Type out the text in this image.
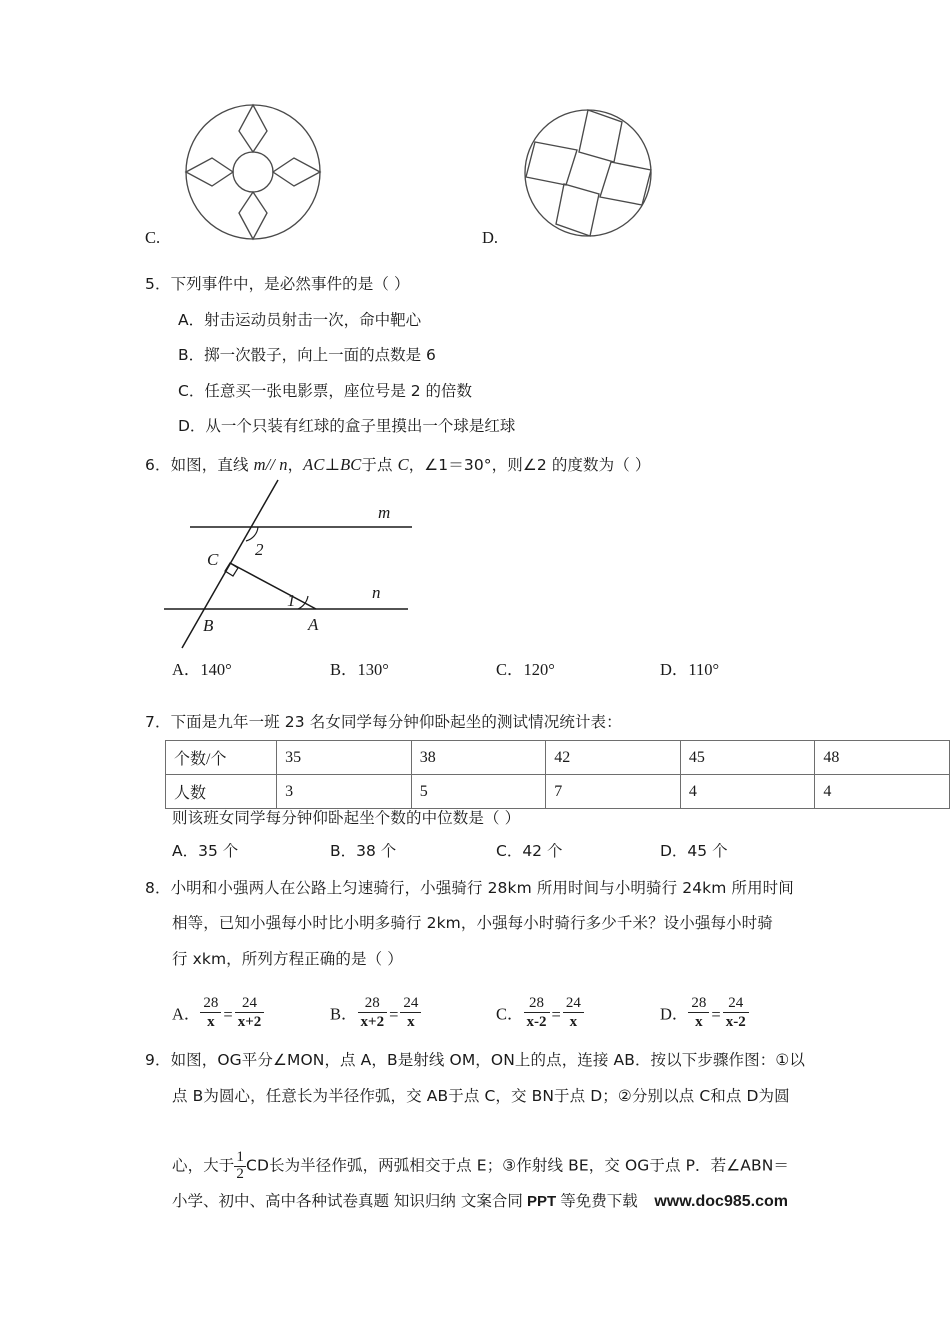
C.	D.
5．下列事件中，是必然事件的是（ ）
A．射击运动员射击一次，命中靶心
B．掷一次骰子，向上一面的点数是 6
C．任意买一张电影票，座位号是 2 的倍数
D．从一个只装有红球的盒子里摸出一个球是红球
6．如图，直线 m// n，AC⊥BC于点 C，∠1＝30°，则∠2 的度数为（ ）
m
n
2
1
C
B	A
A．140°	B．130°	C．120°	D．110°
7．下面是九年一班 23 名女同学每分钟仰卧起坐的测试情况统计表：
个数/个	35	38	42	45	48
人数	3	5	7	4	4
则该班女同学每分钟仰卧起坐个数的中位数是（ ）
A．35 个	B．38 个	C．42 个	D．45 个
8．小明和小强两人在公路上匀速骑行，小强骑行 28km 所用时间与小明骑行 24km 所用时间
相等，已知小强每小时比小明多骑行 2km，小强每小时骑行多少千米？设小强每小时骑
行 xkm，所列方程正确的是（ ）
A． $\frac{28}{x} = \frac{24}{x+2}$	B． $\frac{28}{x+2} = \frac{24}{x}$	C． $\frac{28}{x-2} = \frac{24}{x}$	D． $\frac{28}{x} = \frac{24}{x-2}$
9．如图，OG平分∠MON，点 A，B是射线 OM，ON上的点，连接 AB．按以下步骤作图：①以
点 B为圆心，任意长为半径作弧，交 AB于点 C，交 BN于点 D；②分别以点 C和点 D为圆
心，大于 $\frac{1}{2}$ CD长为半径作弧，两弧相交于点 E；③作射线 BE，交 OG于点 P．若∠ABN＝
小学、初中、高中各种试卷真题 知识归纳 文案合同 PPT 等免费下载 www.doc985.com
